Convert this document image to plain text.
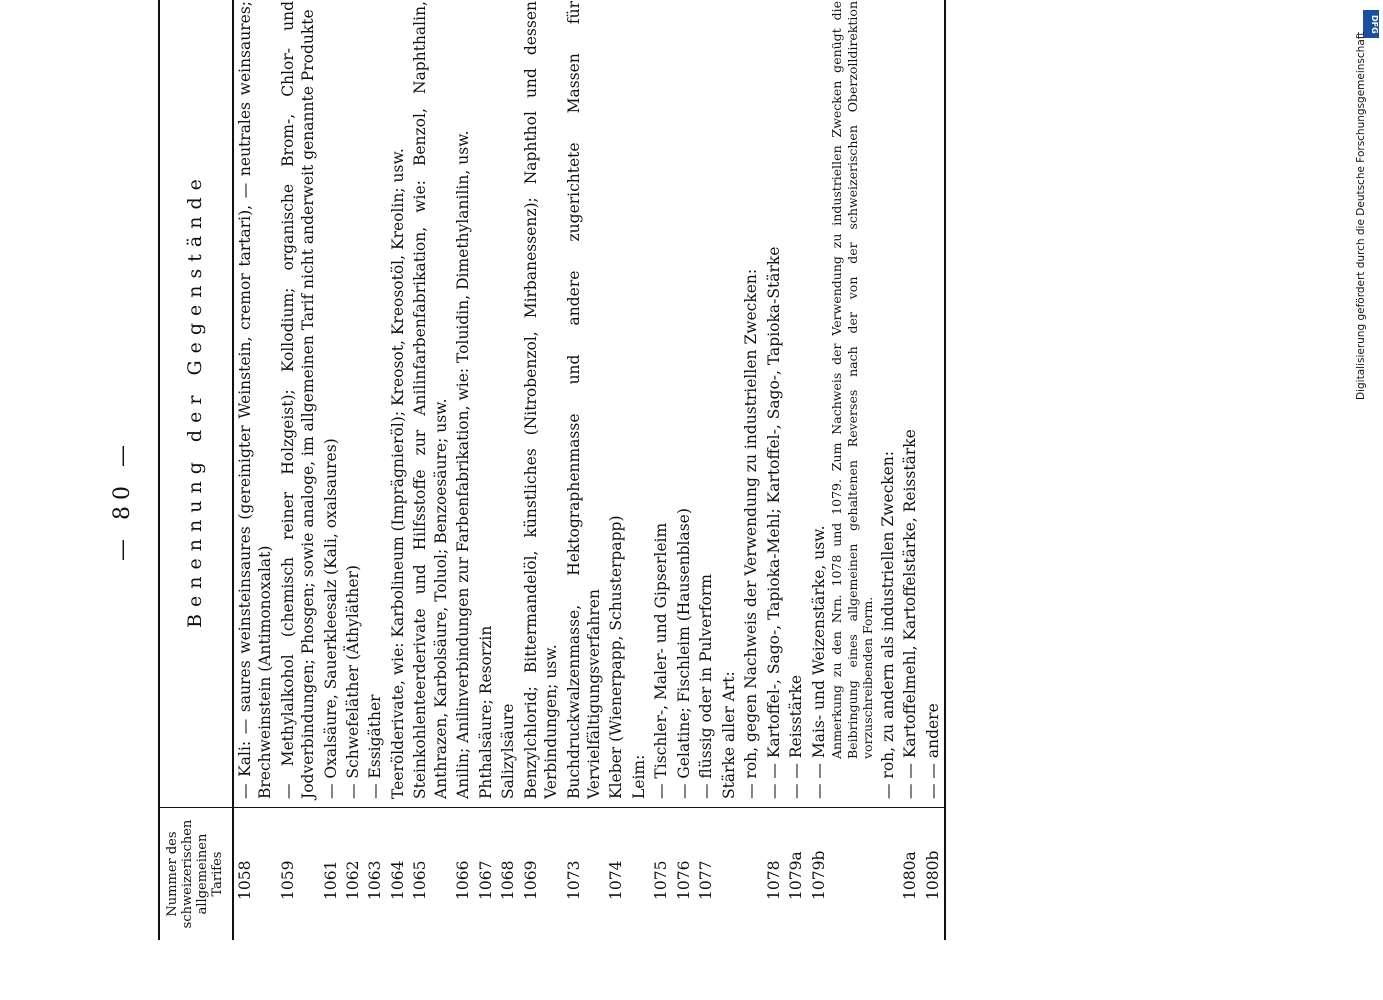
— 80 —
Nummer des schweizerischen allgemeinen Tarifes	Benennung der Gegenstände	

1058	— Kali: — saures weinsteinsaures (gereinigter Weinstein, cremor tartari), — neutrales weinsaures; Brechweinstein (Antimonoxalat)	
1059	— Methylalkohol (chemisch reiner Holzgeist); Kollodium; organische Brom-, Chlor- und Jodverbindungen; Phosgen; sowie analoge, im allgemeinen Tarif nicht anderweit genannte Produkte	
1061	— Oxalsäure, Sauerkleesalz (Kali, oxalsaures)	
1062	— Schwefeläther (Äthyläther)	
1063	— Essigäther	
1064	Teerölderivate, wie: Karbolineum (Imprägnieröl); Kreosot, Kreosotöl, Kreolin; usw.	
1065	Steinkohlenteerderivate und Hilfsstoffe zur Anilinfarbenfabrikation, wie: Benzol, Naphthalin, Anthrazen, Karbolsäure, Toluol; Benzoesäure; usw.	
1066	Anilin; Anilinverbindungen zur Farbenfabrikation, wie: Toluidin, Dimethylanilin, usw.	
1067	Phthalsäure; Resorzin	
1068	Salizylsäure	
1069	Benzylchlorid; Bittermandelöl, künstliches (Nitrobenzol, Mirbanessenz); Naphthol und dessen Verbindungen; usw.	
1073	Buchdruckwalzenmasse, Hektographenmasse und andere zugerichtete Massen für Vervielfältigungsverfahren	
1074	Kleber (Wienerpapp, Schusterpapp)	
	Leim:	
1075	— Tischler-, Maler- und Gipserleim	
1076	— Gelatine; Fischleim (Hausenblase)	
1077	— flüssig oder in Pulverform	
	Stärke aller Art:	
	— roh, gegen Nachweis der Verwendung zu industriellen Zwecken:	
1078	— — Kartoffel-, Sago-, Tapioka-Mehl; Kartoffel-, Sago-, Tapioka-Stärke	
1079a	— — Reisstärke	
1079b	— — Mais- und Weizenstärke, usw. Anmerkung zu den Nrn. 1078 und 1079. Zum Nachweis der Verwendung zu industriellen Zwecken genügt die Beibringung eines allgemeinen gehaltenen Reverses nach der von der schweizerischen Oberzolldirektion vorzuschreibenden Form.

	— roh, zu andern als industriellen Zwecken:	
1080a	— — Kartoffelmehl, Kartoffelstärke, Reisstärke	
1080b	— — andere	
DFG
Digitalisierung gefördert durch die Deutsche Forschungsgemeinschaft
